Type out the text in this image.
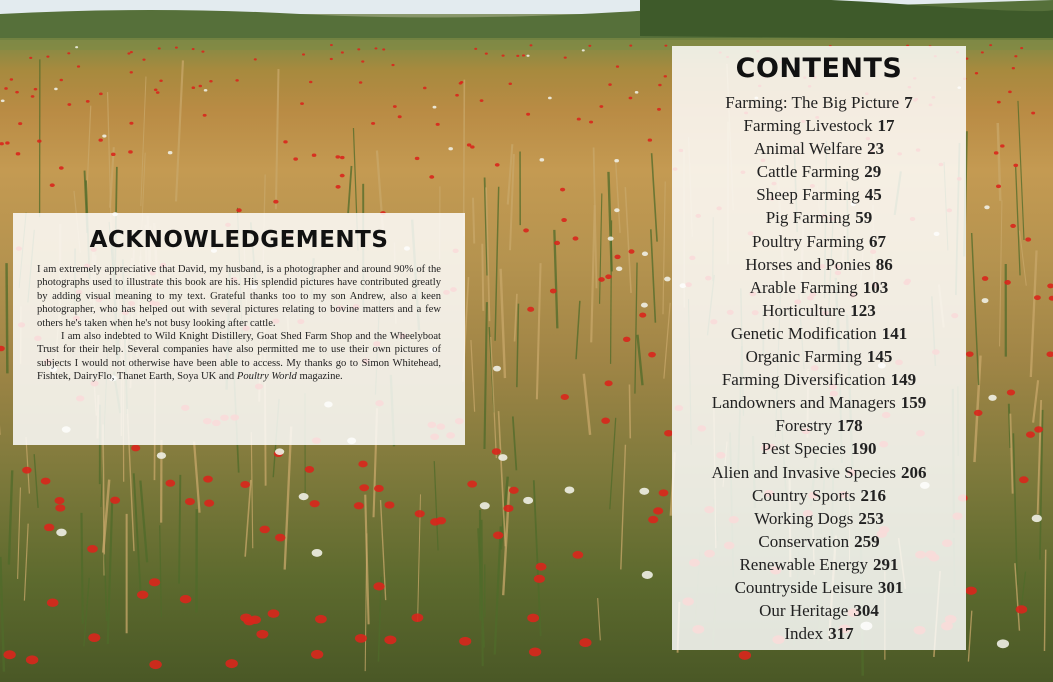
ACKNOWLEDGEMENTS

I am extremely appreciative that David, my husband, is a photographer and around 90% of the photographs used to illustrate this book are his. His splendid pictures have contributed greatly by adding visual meaning to my text. Grateful thanks too to my son Andrew, also a keen photographer, who has helped out with several pictures relating to bovine matters and a few others he's taken when he's not busy looking after cattle.

I am also indebted to Wild Knight Distillery, Goat Shed Farm Shop and the Wheelyboat Trust for their help. Several companies have also permitted me to use their own pictures of subjects I would not otherwise have been able to access. My thanks go to Simon Whitehead, Fishtek, DairyFlo, Thanet Earth, Soya UK and Poultry World magazine.

CONTENTS
Farming: The Big Picture 7
Farming Livestock 17
Animal Welfare 23
Cattle Farming 29
Sheep Farming 45
Pig Farming 59
Poultry Farming 67
Horses and Ponies 86
Arable Farming 103
Horticulture 123
Genetic Modification 141
Organic Farming 145
Farming Diversification 149
Landowners and Managers 159
Forestry 178
Pest Species 190
Alien and Invasive Species 206
Country Sports 216
Working Dogs 253
Conservation 259
Renewable Energy 291
Countryside Leisure 301
Our Heritage 304
Index 317
